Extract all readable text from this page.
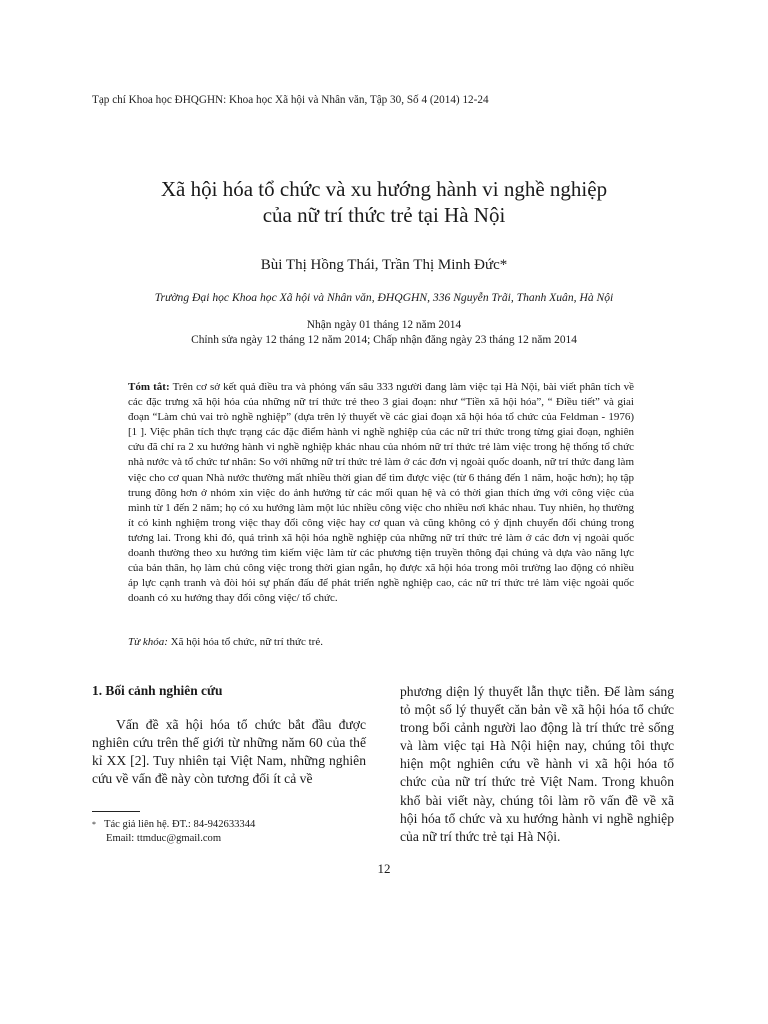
Tạp chí Khoa học ĐHQGHN: Khoa học Xã hội và Nhân văn, Tập 30, Số 4 (2014) 12-24
Xã hội hóa tổ chức và xu hướng hành vi nghề nghiệp
của nữ trí thức trẻ tại Hà Nội
Bùi Thị Hồng Thái, Trần Thị Minh Đức*
Trường Đại học Khoa học Xã hội và Nhân văn, ĐHQGHN, 336 Nguyễn Trãi, Thanh Xuân, Hà Nội
Nhận ngày 01 tháng 12 năm 2014
Chỉnh sửa ngày 12 tháng 12 năm 2014; Chấp nhận đăng ngày 23 tháng 12 năm 2014
Tóm tắt: Trên cơ sở kết quả điều tra và phỏng vấn sâu 333 người đang làm việc tại Hà Nội, bài viết phân tích về các đặc trưng xã hội hóa của những nữ trí thức trẻ theo 3 giai đoạn: như “Tiền xã hội hóa”, “ Điều tiết” và giai đoạn “Làm chủ vai trò nghề nghiệp” (dựa trên lý thuyết về các giai đoạn xã hội hóa tổ chức của Feldman - 1976) [1 ]. Việc phân tích thực trạng các đặc điểm hành vi nghề nghiệp của các nữ trí thức trong từng giai đoạn, nghiên cứu đã chỉ ra 2 xu hướng hành vi nghề nghiệp khác nhau của nhóm nữ trí thức trẻ làm việc trong hệ thống tổ chức nhà nước và tổ chức tư nhân: So với những nữ trí thức trẻ làm ở các đơn vị ngoài quốc doanh, nữ trí thức đang làm việc cho cơ quan Nhà nước thường mất nhiều thời gian để tìm được việc (từ 6 tháng đến 1 năm, hoặc hơn); họ tập trung đông hơn ở nhóm xin việc do ảnh hưởng từ các mối quan hệ và có thời gian thích ứng với công việc của mình từ 1 đến 2 năm; họ có xu hướng làm một lúc nhiều công việc cho nhiều nơi khác nhau. Tuy nhiên, họ thường ít có kinh nghiệm trong việc thay đổi công việc hay cơ quan và cũng không có ý định chuyển đổi chúng trong tương lai. Trong khi đó, quá trình xã hội hóa nghề nghiệp của những nữ trí thức trẻ làm ở các đơn vị ngoài quốc doanh thường theo xu hướng tìm kiếm việc làm từ các phương tiện truyền thông đại chúng và dựa vào năng lực của bản thân, họ làm chủ công việc trong thời gian ngắn, họ được xã hội hóa trong môi trường lao động có nhiều áp lực cạnh tranh và đòi hỏi sự phấn đấu để phát triển nghề nghiệp cao, các nữ trí thức trẻ làm việc ngoài quốc doanh có xu hướng thay đổi công việc/ tổ chức.
Từ khóa: Xã hội hóa tổ chức, nữ trí thức trẻ.
1. Bối cảnh nghiên cứu

Vấn đề xã hội hóa tổ chức bắt đầu được nghiên cứu trên thế giới từ những năm 60 của thế kỉ XX [2]. Tuy nhiên tại Việt Nam, những nghiên cứu về vấn đề này còn tương đối ít cả về

phương diện lý thuyết lẫn thực tiễn. Để làm sáng tỏ một số lý thuyết căn bản về xã hội hóa tổ chức trong bối cảnh người lao động là trí thức trẻ sống và làm việc tại Hà Nội hiện nay, chúng tôi thực hiện một nghiên cứu về hành vi xã hội hóa tổ chức của nữ trí thức trẻ Việt Nam. Trong khuôn khổ bài viết này, chúng tôi làm rõ vấn đề về xã hội hóa tổ chức và xu hướng hành vi nghề nghiệp của nữ trí thức trẻ tại Hà Nội.

* Tác giả liên hệ. ĐT.: 84-942633344
Email: ttmduc@gmail.com
12
